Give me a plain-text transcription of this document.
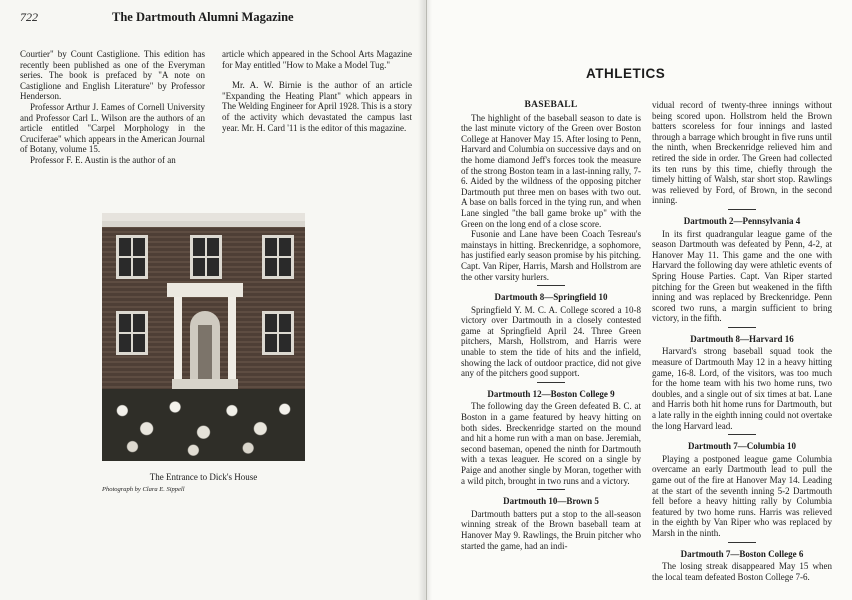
722	The Dartmouth Alumni Magazine

Courtier" by Count Castiglione. This edition has recently been published as one of the Everyman series. The book is prefaced by "A note on Castiglione and English Literature" by Professor Henderson.

Professor Arthur J. Eames of Cornell University and Professor Carl L. Wilson are the authors of an article entitled "Carpel Morphology in the Cruciferae" which appears in the American Journal of Botany, volume 15.

Professor F. E. Austin is the author of an

article which appeared in the School Arts Magazine for May entitled "How to Make a Model Tug."

Mr. A. W. Birnie is the author of an article "Expanding the Heating Plant" which appears in The Welding Engineer for April 1928. This is a story of the activity which devastated the campus last year. Mr. H. Card '11 is the editor of this magazine.

The Entrance to Dick's House
Photograph by Clara E. Sippell
ATHLETICS
BASEBALL

The highlight of the baseball season to date is the last minute victory of the Green over Boston College at Hanover May 15. After losing to Penn, Harvard and Columbia on successive days and on the home diamond Jeff's forces took the measure of the strong Boston team in a last-inning rally, 7-6. Aided by the wildness of the opposing pitcher Dartmouth put three men on bases with two out. A base on balls forced in the tying run, and when Lane singled "the ball game broke up" with the Green on the long end of a close score.

Fusonie and Lane have been Coach Tesreau's mainstays in hitting. Breckenridge, a sophomore, has justified early season promise by his pitching. Capt. Van Riper, Harris, Marsh and Hollstrom are the other varsity hurlers.

Dartmouth 8—Springfield 10

Springfield Y. M. C. A. College scored a 10-8 victory over Dartmouth in a closely contested game at Springfield April 24. Three Green pitchers, Marsh, Hollstrom, and Harris were unable to stem the tide of hits and the infield, showing the lack of outdoor practice, did not give any of the pitchers good support.

Dartmouth 12—Boston College 9

The following day the Green defeated B. C. at Boston in a game featured by heavy hitting on both sides. Breckenridge started on the mound and hit a home run with a man on base. Jeremiah, second baseman, opened the ninth for Dartmouth with a texas leaguer. He scored on a single by Paige and another single by Moran, together with a wild pitch, brought in two runs and a victory.

Dartmouth 10—Brown 5

Dartmouth batters put a stop to the all-season winning streak of the Brown baseball team at Hanover May 9. Rawlings, the Bruin pitcher who started the game, had an indi-

vidual record of twenty-three innings without being scored upon. Hollstrom held the Brown batters scoreless for four innings and lasted through a barrage which brought in five runs until the ninth, when Breckenridge relieved him and retired the side in order. The Green had collected its ten runs by this time, chiefly through the timely hitting of Walsh, star short stop. Rawlings was relieved by Ford, of Brown, in the second inning.

Dartmouth 2—Pennsylvania 4

In its first quadrangular league game of the season Dartmouth was defeated by Penn, 4-2, at Hanover May 11. This game and the one with Harvard the following day were athletic events of Spring House Parties. Capt. Van Riper started pitching for the Green but weakened in the fifth inning and was replaced by Breckenridge. Penn scored two runs, a margin sufficient to bring victory, in the fifth.

Dartmouth 8—Harvard 16

Harvard's strong baseball squad took the measure of Dartmouth May 12 in a heavy hitting game, 16-8. Lord, of the visitors, was too much for the home team with his two home runs, two doubles, and a single out of six times at bat. Lane and Harris both hit home runs for Dartmouth, but a late rally in the eighth inning could not overtake the long Harvard lead.

Dartmouth 7—Columbia 10

Playing a postponed league game Columbia overcame an early Dartmouth lead to pull the game out of the fire at Hanover May 14. Leading at the start of the seventh inning 5-2 Dartmouth fell before a heavy hitting rally by Columbia featured by two home runs. Harris was relieved in the eighth by Van Riper who was replaced by Marsh in the ninth.

Dartmouth 7—Boston College 6

The losing streak disappeared May 15 when the local team defeated Boston College 7-6.
